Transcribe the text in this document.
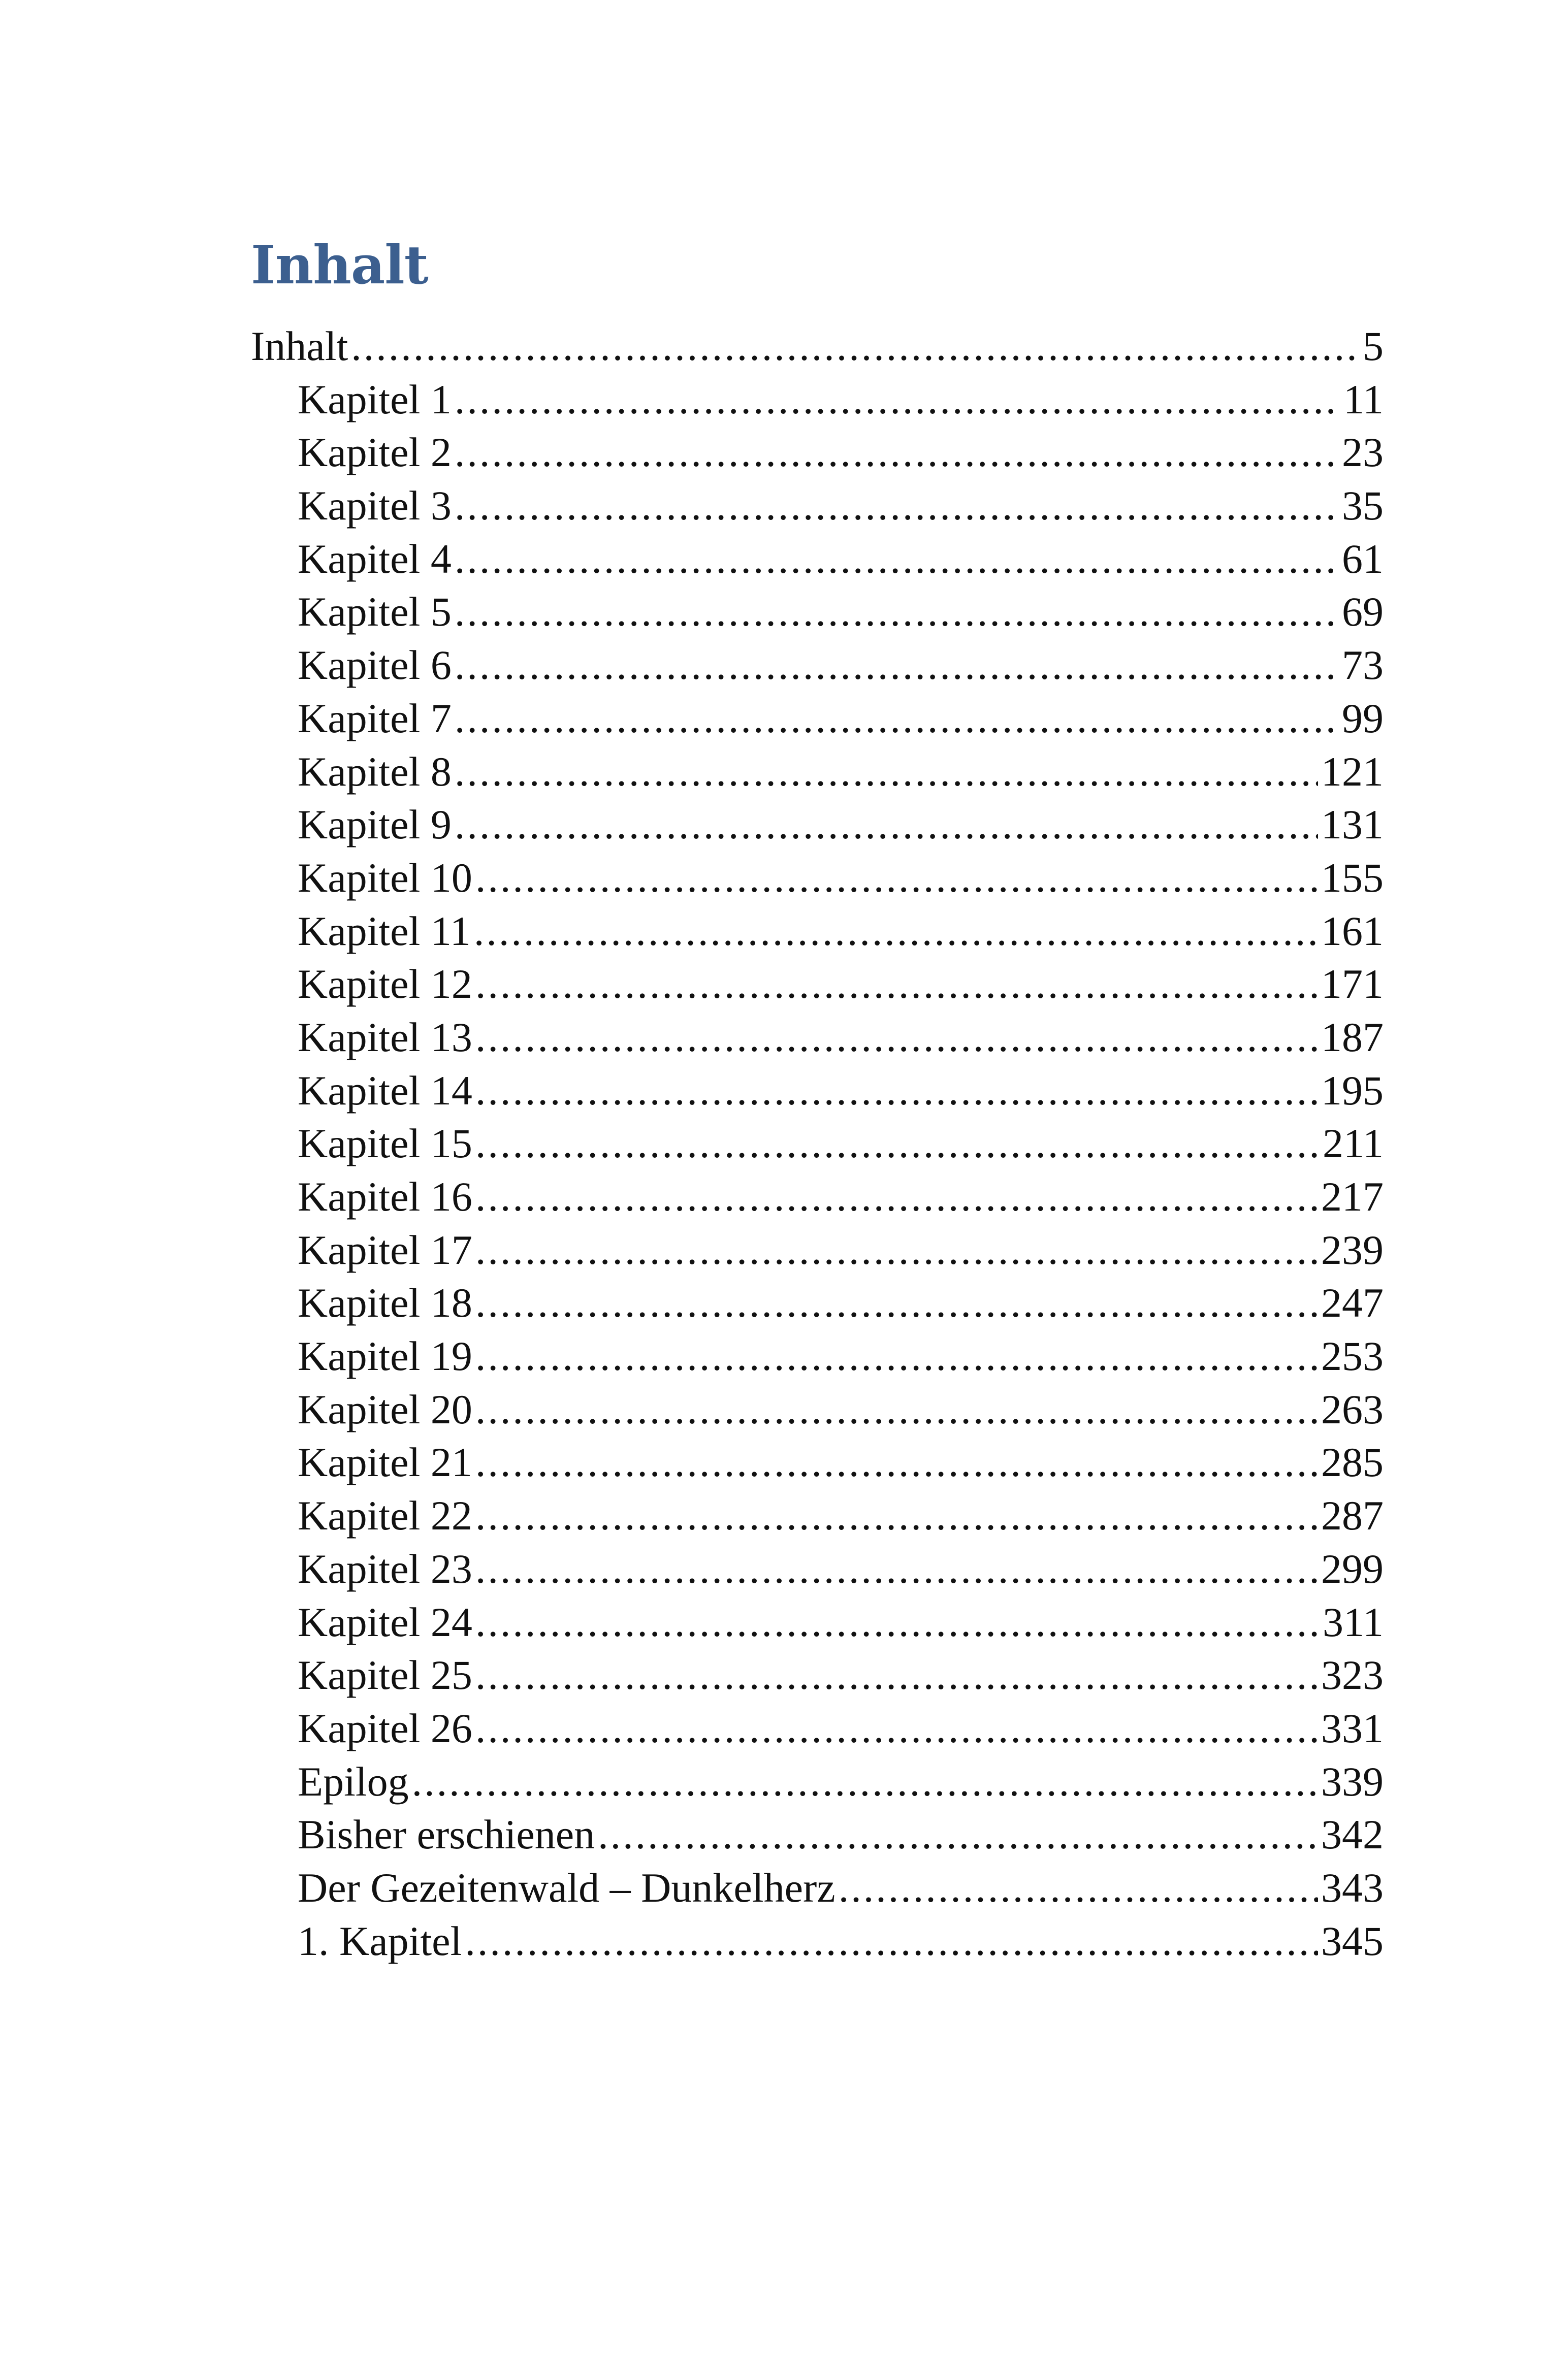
Inhalt
Inhalt .....	5
Kapitel 1 .....	11
Kapitel 2 .....	23
Kapitel 3 .....	35
Kapitel 4 .....	61
Kapitel 5 .....	69
Kapitel 6 .....	73
Kapitel 7 .....	99
Kapitel 8 .....	121
Kapitel 9 .....	131
Kapitel 10 .....	155
Kapitel 11 .....	161
Kapitel 12 .....	171
Kapitel 13 .....	187
Kapitel 14 .....	195
Kapitel 15 .....	211
Kapitel 16 .....	217
Kapitel 17 .....	239
Kapitel 18 .....	247
Kapitel 19 .....	253
Kapitel 20 .....	263
Kapitel 21 .....	285
Kapitel 22 .....	287
Kapitel 23 .....	299
Kapitel 24 .....	311
Kapitel 25 .....	323
Kapitel 26 .....	331
Epilog .....	339
Bisher erschienen .....	342
Der Gezeitenwald – Dunkelherz .....	343
1. Kapitel .....	345
